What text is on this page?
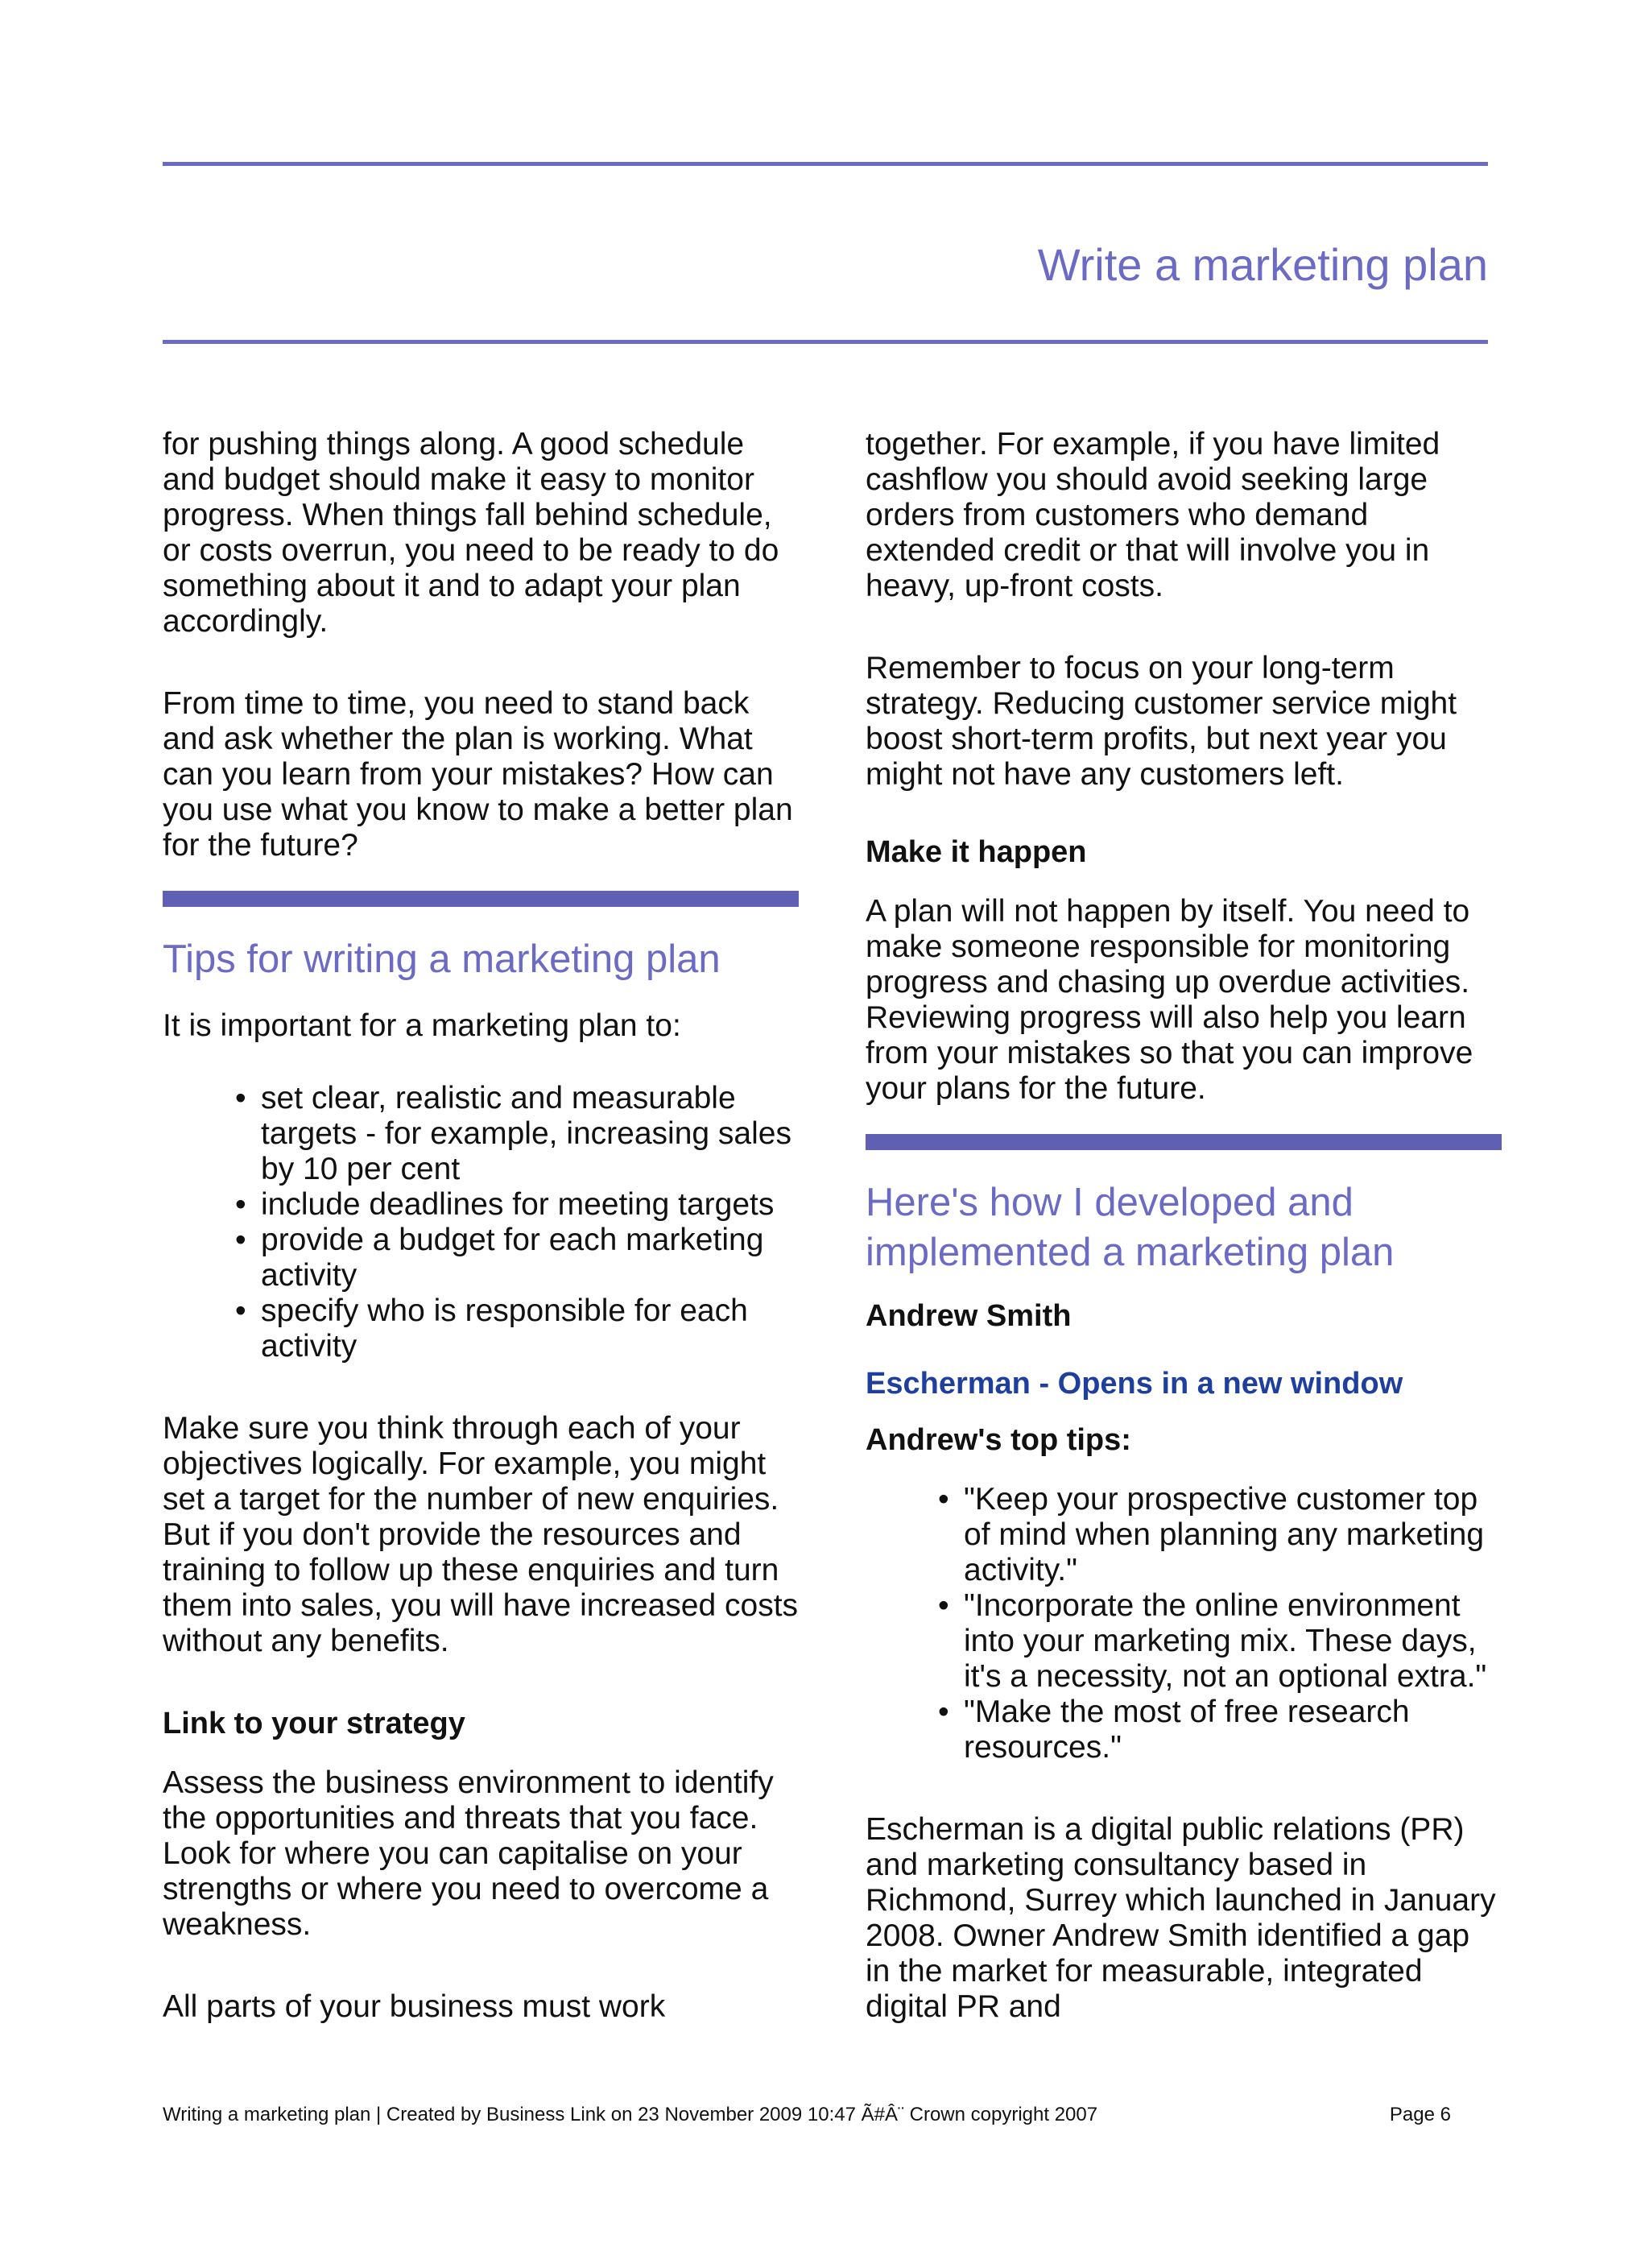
Write a marketing plan

for pushing things along. A good schedule and budget should make it easy to monitor progress. When things fall behind schedule, or costs overrun, you need to be ready to do something about it and to adapt your plan accordingly.

From time to time, you need to stand back and ask whether the plan is working. What can you learn from your mistakes? How can you use what you know to make a better plan for the future?

Tips for writing a marketing plan

It is important for a marketing plan to:

• set clear, realistic and measurable targets - for example, increasing sales by 10 per cent
• include deadlines for meeting targets
• provide a budget for each marketing activity
• specify who is responsible for each activity

Make sure you think through each of your objectives logically. For example, you might set a target for the number of new enquiries. But if you don't provide the resources and training to follow up these enquiries and turn them into sales, you will have increased costs without any benefits.

Link to your strategy

Assess the business environment to identify the opportunities and threats that you face. Look for where you can capitalise on your strengths or where you need to overcome a weakness.

All parts of your business must work

together. For example, if you have limited cashflow you should avoid seeking large orders from customers who demand extended credit or that will involve you in heavy, up-front costs.

Remember to focus on your long-term strategy. Reducing customer service might boost short-term profits, but next year you might not have any customers left.

Make it happen

A plan will not happen by itself. You need to make someone responsible for monitoring progress and chasing up overdue activities. Reviewing progress will also help you learn from your mistakes so that you can improve your plans for the future.

Here's how I developed and implemented a marketing plan
Andrew Smith
Escherman - Opens in a new window
Andrew's top tips:
• "Keep your prospective customer top of mind when planning any marketing activity."
• "Incorporate the online environment into your marketing mix. These days, it's a necessity, not an optional extra."
• "Make the most of free research resources."

Escherman is a digital public relations (PR) and marketing consultancy based in Richmond, Surrey which launched in January 2008. Owner Andrew Smith identified a gap in the market for measurable, integrated digital PR and

Writing a marketing plan | Created by Business Link on 23 November 2009 10:47 Ã#Â¨ Crown copyright 2007	Page 6
